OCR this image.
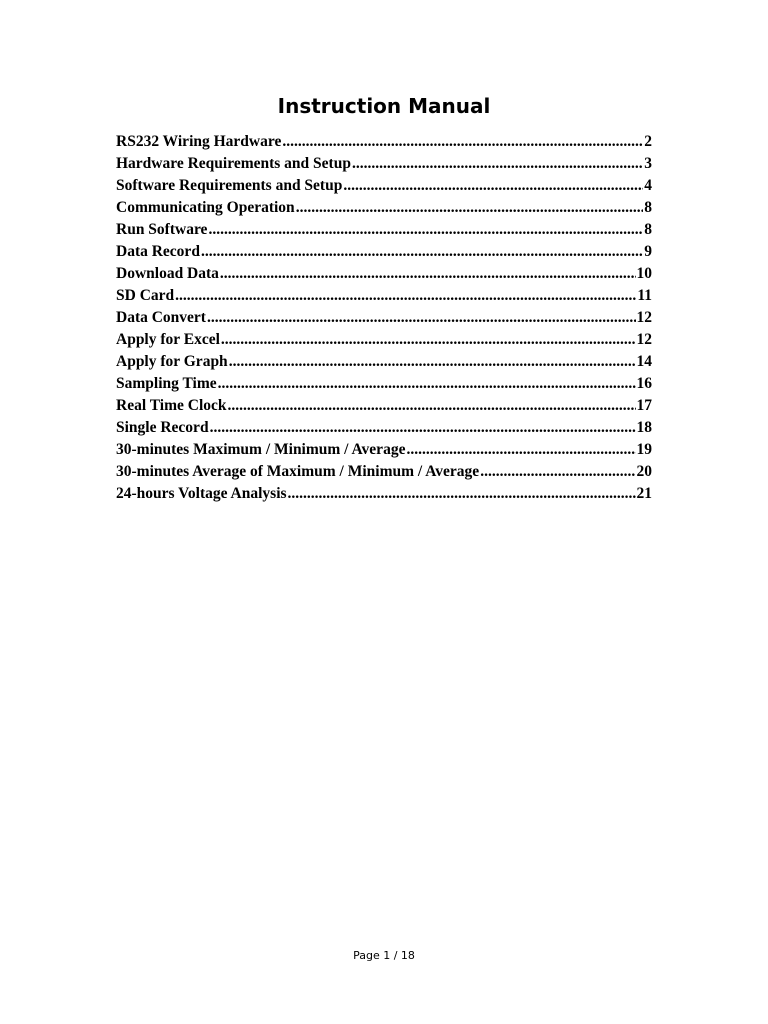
Instruction Manual
RS232 Wiring Hardware .....	2
Hardware Requirements and Setup .....	3
Software Requirements and Setup .....	4
Communicating Operation .....	8
Run Software .....	8
Data Record .....	9
Download Data .....	10
SD Card .....	11
Data Convert .....	12
Apply for Excel .....	12
Apply for Graph .....	14
Sampling Time .....	16
Real Time Clock .....	17
Single Record .....	18
30-minutes Maximum / Minimum / Average .....	19
30-minutes Average of Maximum / Minimum / Average .....	20
24-hours Voltage Analysis .....	21
Page 1 / 18
